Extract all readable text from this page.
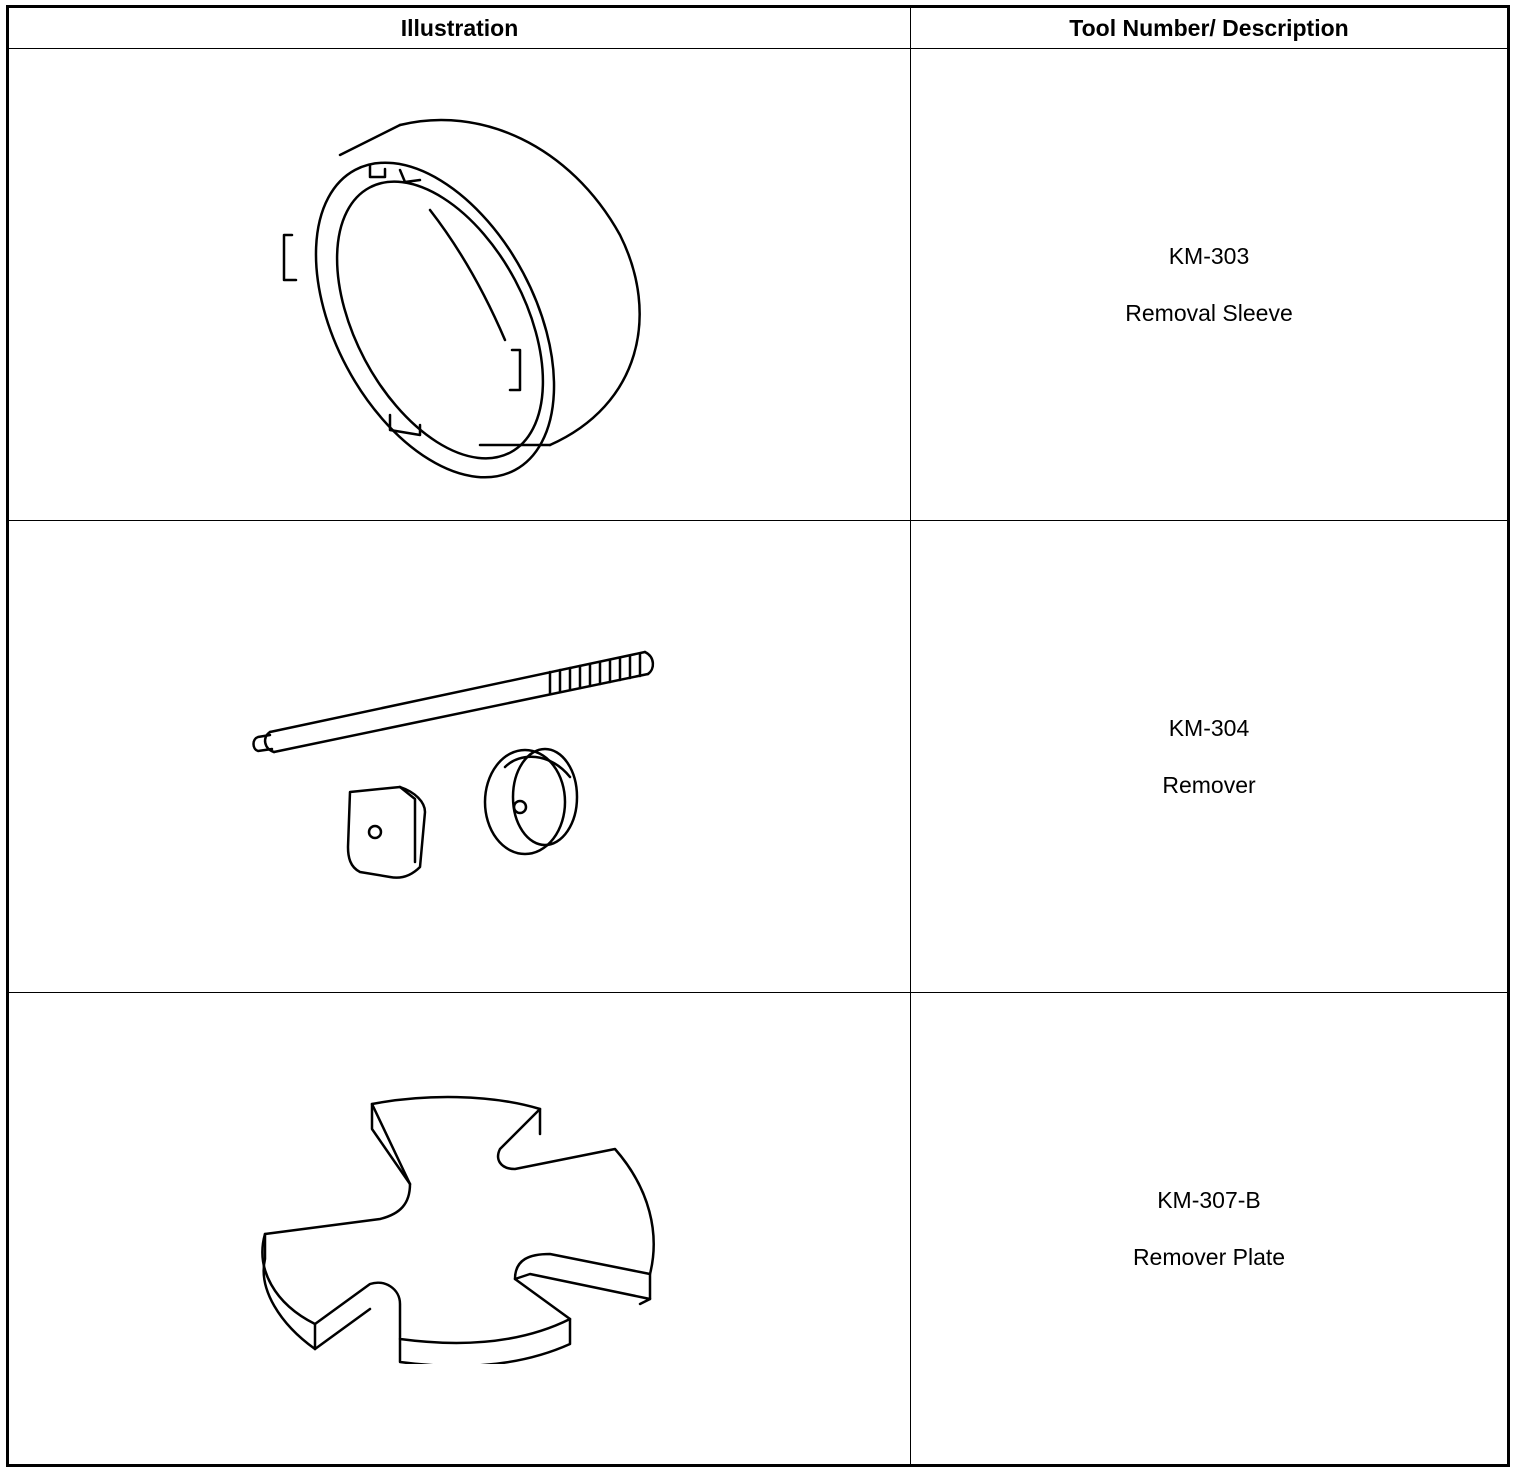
Illustration	Tool Number/ Description

KM-303
Removal Sleeve

KM-304
Remover

KM-307-B
Remover Plate
